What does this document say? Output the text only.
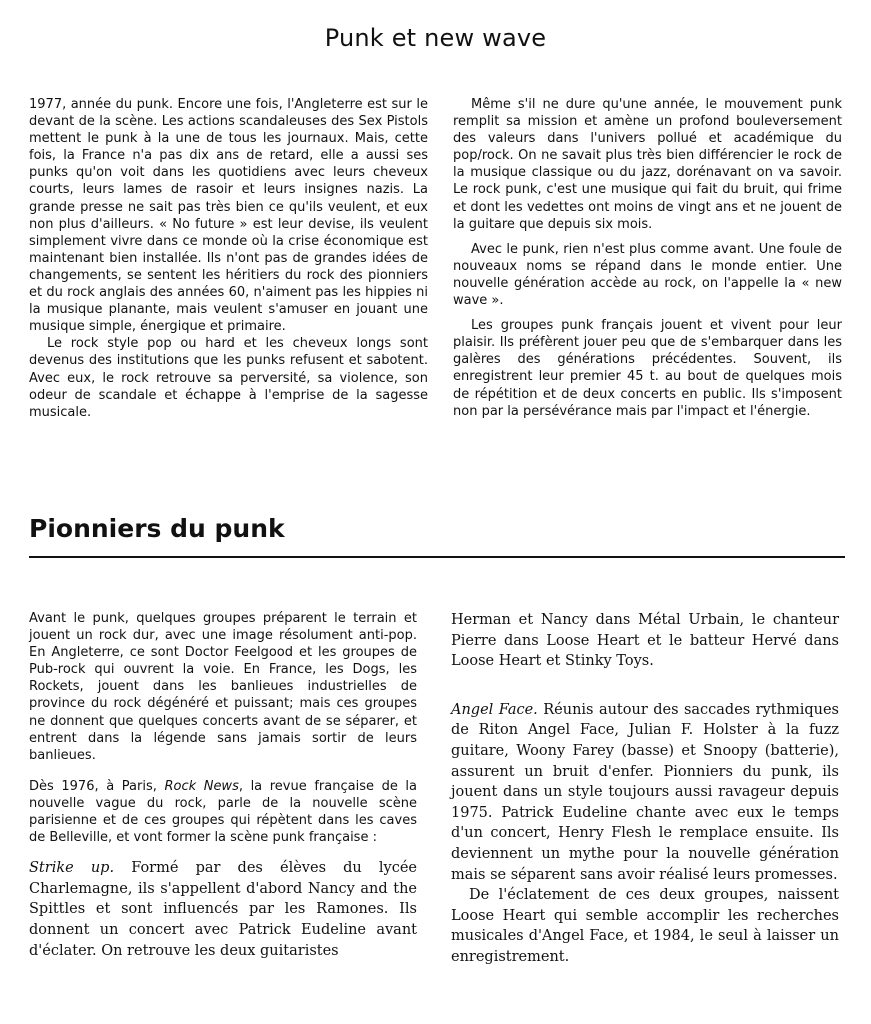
Punk et new wave

1977, année du punk. Encore une fois, l'Angleterre est sur le devant de la scène. Les actions scandaleuses des Sex Pistols mettent le punk à la une de tous les journaux. Mais, cette fois, la France n'a pas dix ans de retard, elle a aussi ses punks qu'on voit dans les quotidiens avec leurs cheveux courts, leurs lames de rasoir et leurs insignes nazis. La grande presse ne sait pas très bien ce qu'ils veulent, et eux non plus d'ailleurs. « No future » est leur devise, ils veulent simplement vivre dans ce monde où la crise économique est maintenant bien installée. Ils n'ont pas de grandes idées de changements, se sentent les héritiers du rock des pionniers et du rock anglais des années 60, n'aiment pas les hippies ni la musique planante, mais veulent s'amuser en jouant une musique simple, énergique et primaire.

Le rock style pop ou hard et les cheveux longs sont devenus des institutions que les punks refusent et sabotent. Avec eux, le rock retrouve sa perversité, sa violence, son odeur de scandale et échappe à l'emprise de la sagesse musicale.

Même s'il ne dure qu'une année, le mouvement punk remplit sa mission et amène un profond bouleversement des valeurs dans l'univers pollué et académique du pop/rock. On ne savait plus très bien différencier le rock de la musique classique ou du jazz, dorénavant on va savoir. Le rock punk, c'est une musique qui fait du bruit, qui frime et dont les vedettes ont moins de vingt ans et ne jouent de la guitare que depuis six mois.

Avec le punk, rien n'est plus comme avant. Une foule de nouveaux noms se répand dans le monde entier. Une nouvelle génération accède au rock, on l'appelle la « new wave ».

Les groupes punk français jouent et vivent pour leur plaisir. Ils préfèrent jouer peu que de s'embarquer dans les galères des générations précédentes. Souvent, ils enregistrent leur premier 45 t. au bout de quelques mois de répétition et de deux concerts en public. Ils s'imposent non par la persévérance mais par l'impact et l'énergie.

Pionniers du punk

Avant le punk, quelques groupes préparent le terrain et jouent un rock dur, avec une image résolument anti-pop. En Angleterre, ce sont Doctor Feelgood et les groupes de Pub-rock qui ouvrent la voie. En France, les Dogs, les Rockets, jouent dans les banlieues industrielles de province du rock dégénéré et puissant; mais ces groupes ne donnent que quelques concerts avant de se séparer, et entrent dans la légende sans jamais sortir de leurs banlieues.

Dès 1976, à Paris, Rock News, la revue française de la nouvelle vague du rock, parle de la nouvelle scène parisienne et de ces groupes qui répètent dans les caves de Belleville, et vont former la scène punk française :

Strike up. Formé par des élèves du lycée Charlemagne, ils s'appellent d'abord Nancy and the Spittles et sont influencés par les Ramones. Ils donnent un concert avec Patrick Eudeline avant d'éclater. On retrouve les deux guitaristes

Herman et Nancy dans Métal Urbain, le chanteur Pierre dans Loose Heart et le batteur Hervé dans Loose Heart et Stinky Toys.

Angel Face. Réunis autour des saccades rythmiques de Riton Angel Face, Julian F. Holster à la fuzz guitare, Woony Farey (basse) et Snoopy (batterie), assurent un bruit d'enfer. Pionniers du punk, ils jouent dans un style toujours aussi ravageur depuis 1975. Patrick Eudeline chante avec eux le temps d'un concert, Henry Flesh le remplace ensuite. Ils deviennent un mythe pour la nouvelle génération mais se séparent sans avoir réalisé leurs promesses.

De l'éclatement de ces deux groupes, naissent Loose Heart qui semble accomplir les recherches musicales d'Angel Face, et 1984, le seul à laisser un enregistrement.
